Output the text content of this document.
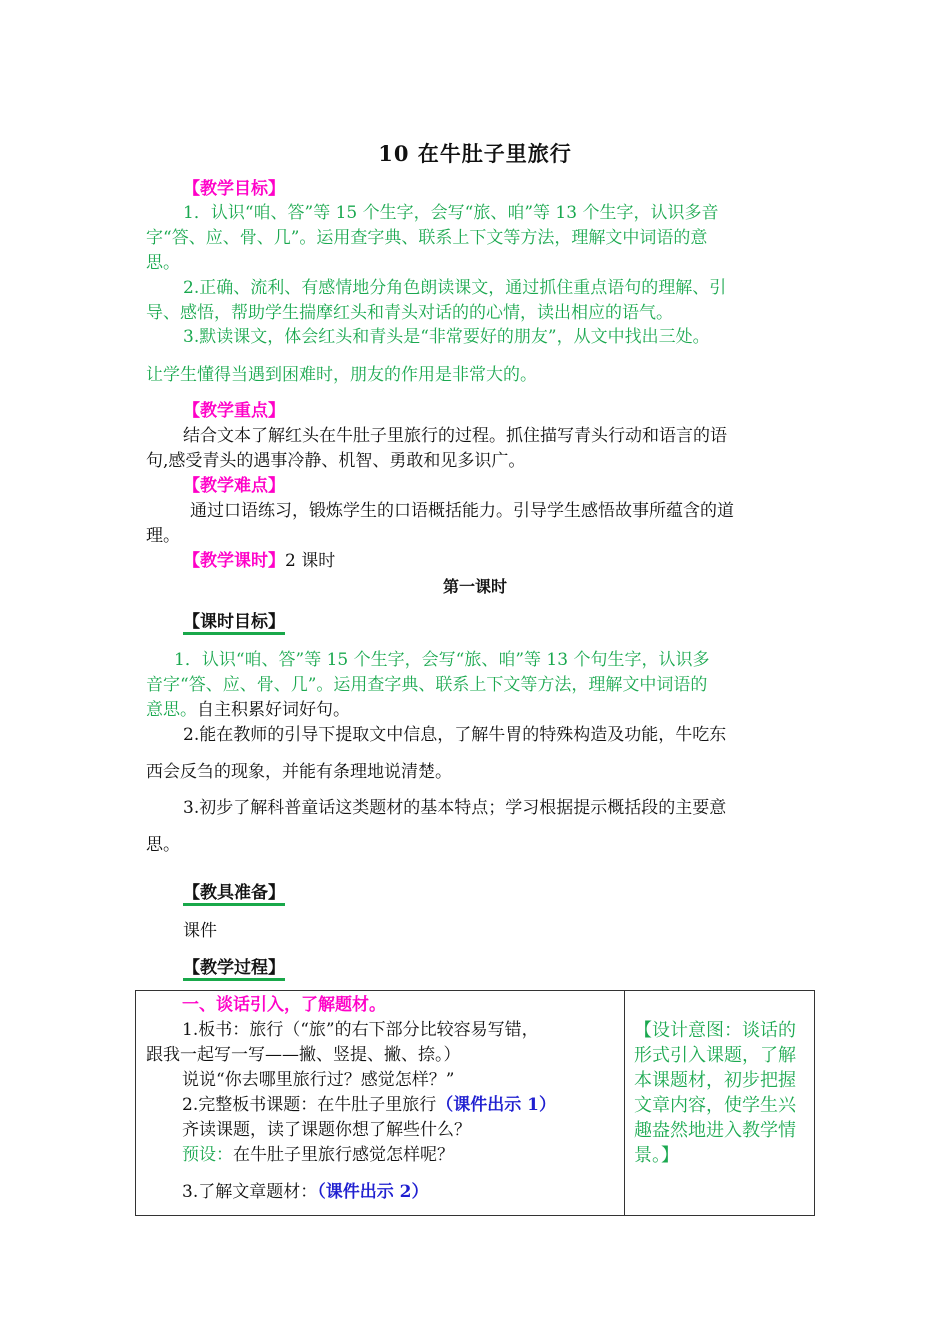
10 在牛肚子里旅行
【教学目标】
1．认识“咱、答”等 15 个生字，会写“旅、咱”等 13 个生字，认识多音
字“答、应、骨、几”。运用查字典、联系上下文等方法，理解文中词语的意
思。
2.正确、流利、有感情地分角色朗读课文，通过抓住重点语句的理解、引
导、感悟，帮助学生揣摩红头和青头对话的的心情，读出相应的语气。
3.默读课文，体会红头和青头是“非常要好的朋友”，从文中找出三处。
让学生懂得当遇到困难时，朋友的作用是非常大的。
【教学重点】
结合文本了解红头在牛肚子里旅行的过程。抓住描写青头行动和语言的语
句,感受青头的遇事冷静、机智、勇敢和见多识广。
【教学难点】
通过口语练习，锻炼学生的口语概括能力。引导学生感悟故事所蕴含的道
理。
【教学课时】2 课时
第一课时
【课时目标】
1．认识“咱、答”等 15 个生字，会写“旅、咱”等 13 个句生字，认识多
音字“答、应、骨、几”。运用查字典、联系上下文等方法，理解文中词语的
意思。自主积累好词好句。
2.能在教师的引导下提取文中信息，了解牛胃的特殊构造及功能，牛吃东
西会反刍的现象，并能有条理地说清楚。
3.初步了解科普童话这类题材的基本特点；学习根据提示概括段的主要意
思。
【教具准备】
课件
【教学过程】
一、谈话引入，了解题材。
1.板书：旅行（“旅”的右下部分比较容易写错，
跟我一起写一写——撇、竖提、撇、捺。）
说说“你去哪里旅行过？感觉怎样？”
2.完整板书课题：在牛肚子里旅行（课件出示 1）
齐读课题，读了课题你想了解些什么？
预设：在牛肚子里旅行感觉怎样呢？
3.了解文章题材：（课件出示 2）
【设计意图：谈话的
形式引入课题，了解
本课题材，初步把握
文章内容，使学生兴
趣盎然地进入教学情
景。】
